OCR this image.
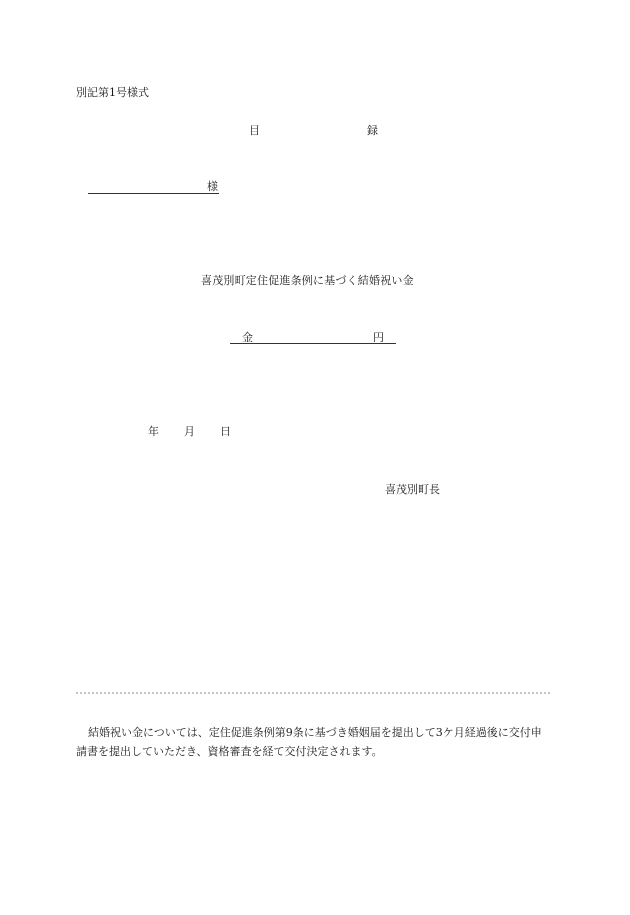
別記第1号様式
目	録
様
喜茂別町定住促進条例に基づく結婚祝い金
金	円
年 月 日
喜茂別町長
結婚祝い金については、定住促進条例第9条に基づき婚姻届を提出して3ケ月経過後に交付申請書を提出していただき、資格審査を経て交付決定されます。
